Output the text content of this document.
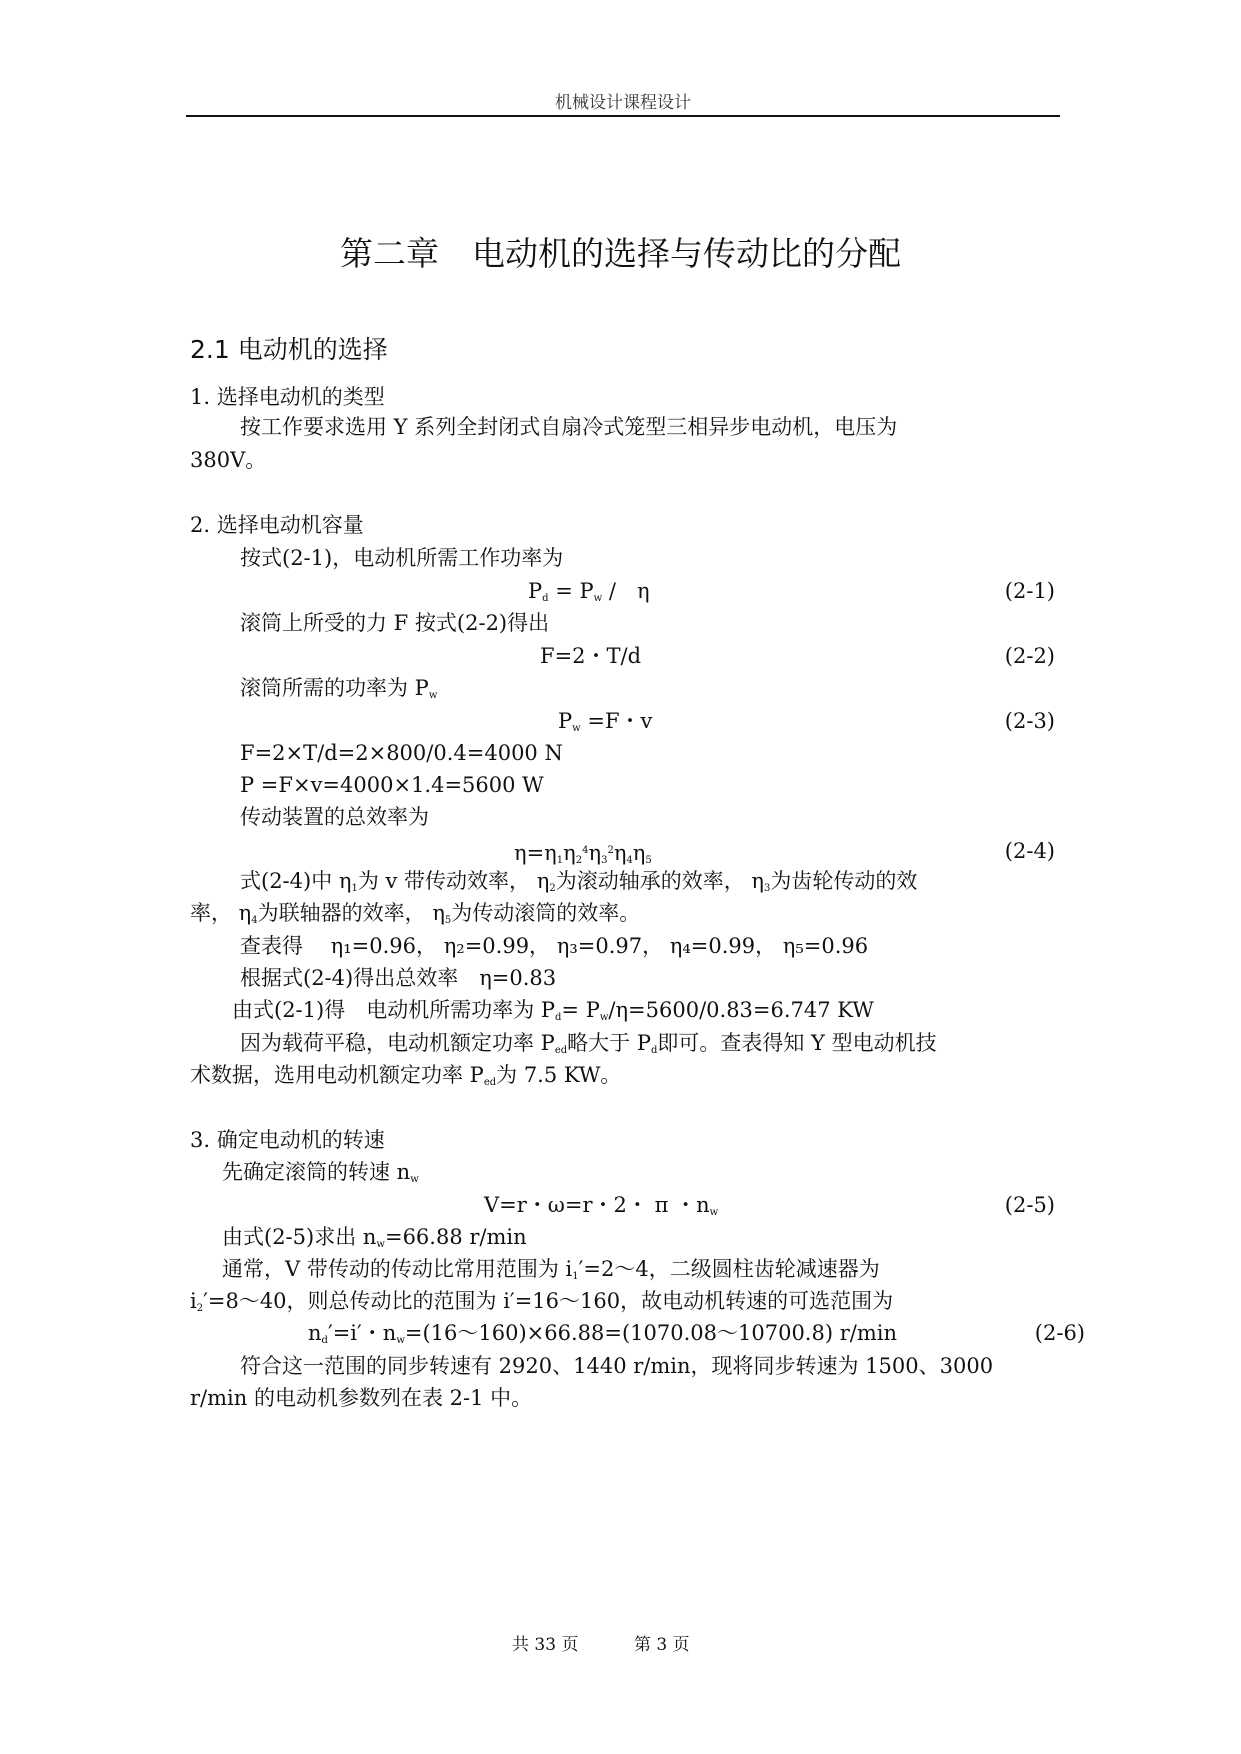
机械设计课程设计
第二章　电动机的选择与传动比的分配
2.1 电动机的选择
1. 选择电动机的类型
按工作要求选用 Y 系列全封闭式自扇冷式笼型三相异步电动机，电压为
380V。
2. 选择电动机容量
按式(2-1)，电动机所需工作功率为
$P_d = P_w$ /　η	(2-1)
滚筒上所受的力 F 按式(2-2)得出
F=2・T/d	(2-2)
滚筒所需的功率为 $P_w$
$P_w =F$・v	(2-3)
F=2×T/d=2×800/0.4=4000 N
P =F×v=4000×1.4=5600 W
传动装置的总效率为
$\eta=\eta_1\eta_2^4\eta_3^2\eta_4\eta_5$	(2-4)
式(2-4)中 $\eta_1$为 v 带传动效率， $\eta_2$为滚动轴承的效率， $\eta_3$为齿轮传动的效
率， $\eta_4$为联轴器的效率， $\eta_5$为传动滚筒的效率。
查表得　 η₁=0.96， η₂=0.99， η₃=0.97， η₄=0.99， η₅=0.96
根据式(2-4)得出总效率　η=0.83
由式(2-1)得　电动机所需功率为 $P_d= P_w/\eta=5600/0.83=6.747$ KW
因为载荷平稳，电动机额定功率 $P_{ed}$略大于 $P_d$即可。查表得知 Y 型电动机技
术数据，选用电动机额定功率 $P_{ed}$为 7.5 KW。
3. 确定电动机的转速
先确定滚筒的转速 $n_w$
V=r・ω=r・2・ π ・$n_w$	(2-5)
由式(2-5)求出 $n_w=66.88$ r/min
通常，V 带传动的传动比常用范围为 $i_1'=2\sim 4$，二级圆柱齿轮减速器为
$i_2'=8\sim 40$，则总传动比的范围为 i′=16～160，故电动机转速的可选范围为
$n_d'=i'$・$n_w=(16\sim 160)\times 66.88=(1070.08\sim 10700.8)$ r/min	(2-6)
符合这一范围的同步转速有 2920、1440 r/min，现将同步转速为 1500、3000
r/min 的电动机参数列在表 2-1 中。
共 33 页	第 3 页
